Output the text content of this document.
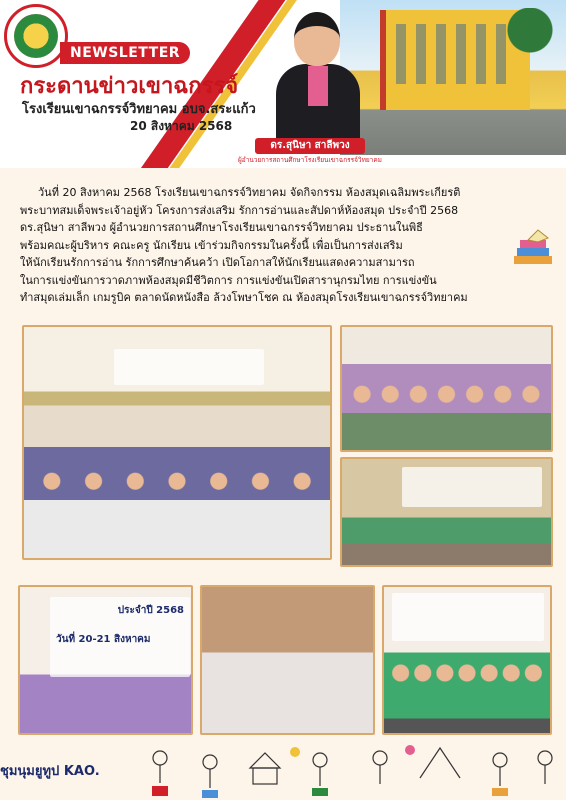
NEWSLETTER
กระดานข่าวเขาฉกรรจ์
โรงเรียนเขาฉกรรจ์วิทยาคม อบจ.สระแก้ว
20 สิงหาคม 2568
ดร.สุนิษา สาลีพวง
ผู้อำนวยการสถานศึกษาโรงเรียนเขาฉกรรจ์วิทยาคม

วันที่ 20 สิงหาคม 2568 โรงเรียนเขาฉกรรจ์วิทยาคม จัดกิจกรรม ห้องสมุดเฉลิมพระเกียรติ

พระบาทสมเด็จพระเจ้าอยู่หัว โครงการส่งเสริม รักการอ่านและสัปดาห์ห้องสมุด ประจำปี 2568

ดร.สุนิษา สาลีพวง ผู้อำนวยการสถานศึกษาโรงเรียนเขาฉกรรจ์วิทยาคม ประธานในพิธี

พร้อมคณะผู้บริหาร คณะครู นักเรียน เข้าร่วมกิจกรรมในครั้งนี้ เพื่อเป็นการส่งเสริม

ให้นักเรียนรักการอ่าน รักการศึกษาค้นคว้า เปิดโอกาสให้นักเรียนแสดงความสามารถ

ในการแข่งขันการวาดภาพห้องสมุดมีชีวิตการ การแข่งขันเปิดสารานุกรมไทย การแข่งขัน

ทำสมุดเล่มเล็ก เกมรูบิค ตลาดนัดหนังสือ ล้วงโพษาโชค ณ ห้องสมุดโรงเรียนเขาฉกรรจ์วิทยาคม

ประจำปี 2568
วันที่ 20-21 สิงหาคม
ชุมนุมยูทูป KAO.
